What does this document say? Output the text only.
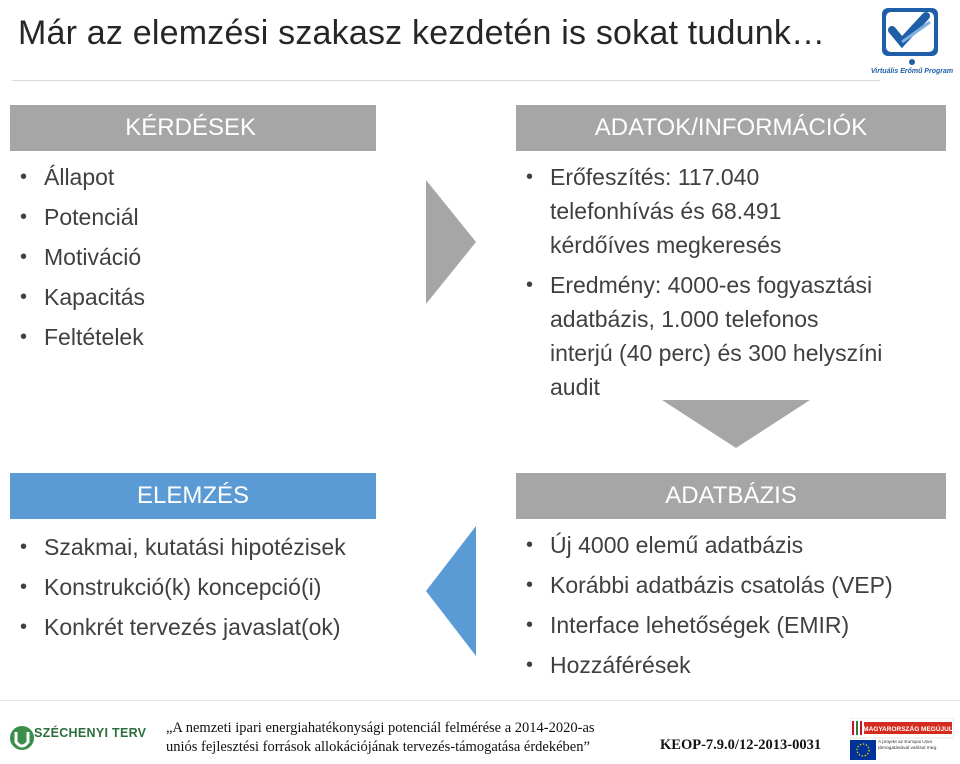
Már az elemzési szakasz kezdetén is sokat tudunk…
Virtuális Erőmű Program
KÉRDÉSEK
• Állapot
• Potenciál
• Motiváció
• Kapacitás
• Feltételek
ADATOK/INFORMÁCIÓK
• Erőfeszítés: 117.040
telefonhívás és 68.491
kérdőíves megkeresés
• Eredmény: 4000-es fogyasztási
adatbázis, 1.000 telefonos
interjú (40 perc) és 300 helyszíni
audit
ELEMZÉS
• Szakmai, kutatási hipotézisek
• Konstrukció(k) koncepció(i)
• Konkrét tervezés javaslat(ok)
ADATBÁZIS
• Új 4000 elemű adatbázis
• Korábbi adatbázis csatolás (VEP)
• Interface lehetőségek (EMIR)
• Hozzáférések
SZÉCHENYI TERV „A nemzeti ipari energiahatékonysági potenciál felmérése a 2014-2020-as
uniós fejlesztési források allokációjának tervezés-támogatása érdekében”	KEOP-7.9.0/12-2013-0031
MAGYARORSZÁG MEGÚJUL
A projekt az Európai Unió támogatásával valósul meg.
